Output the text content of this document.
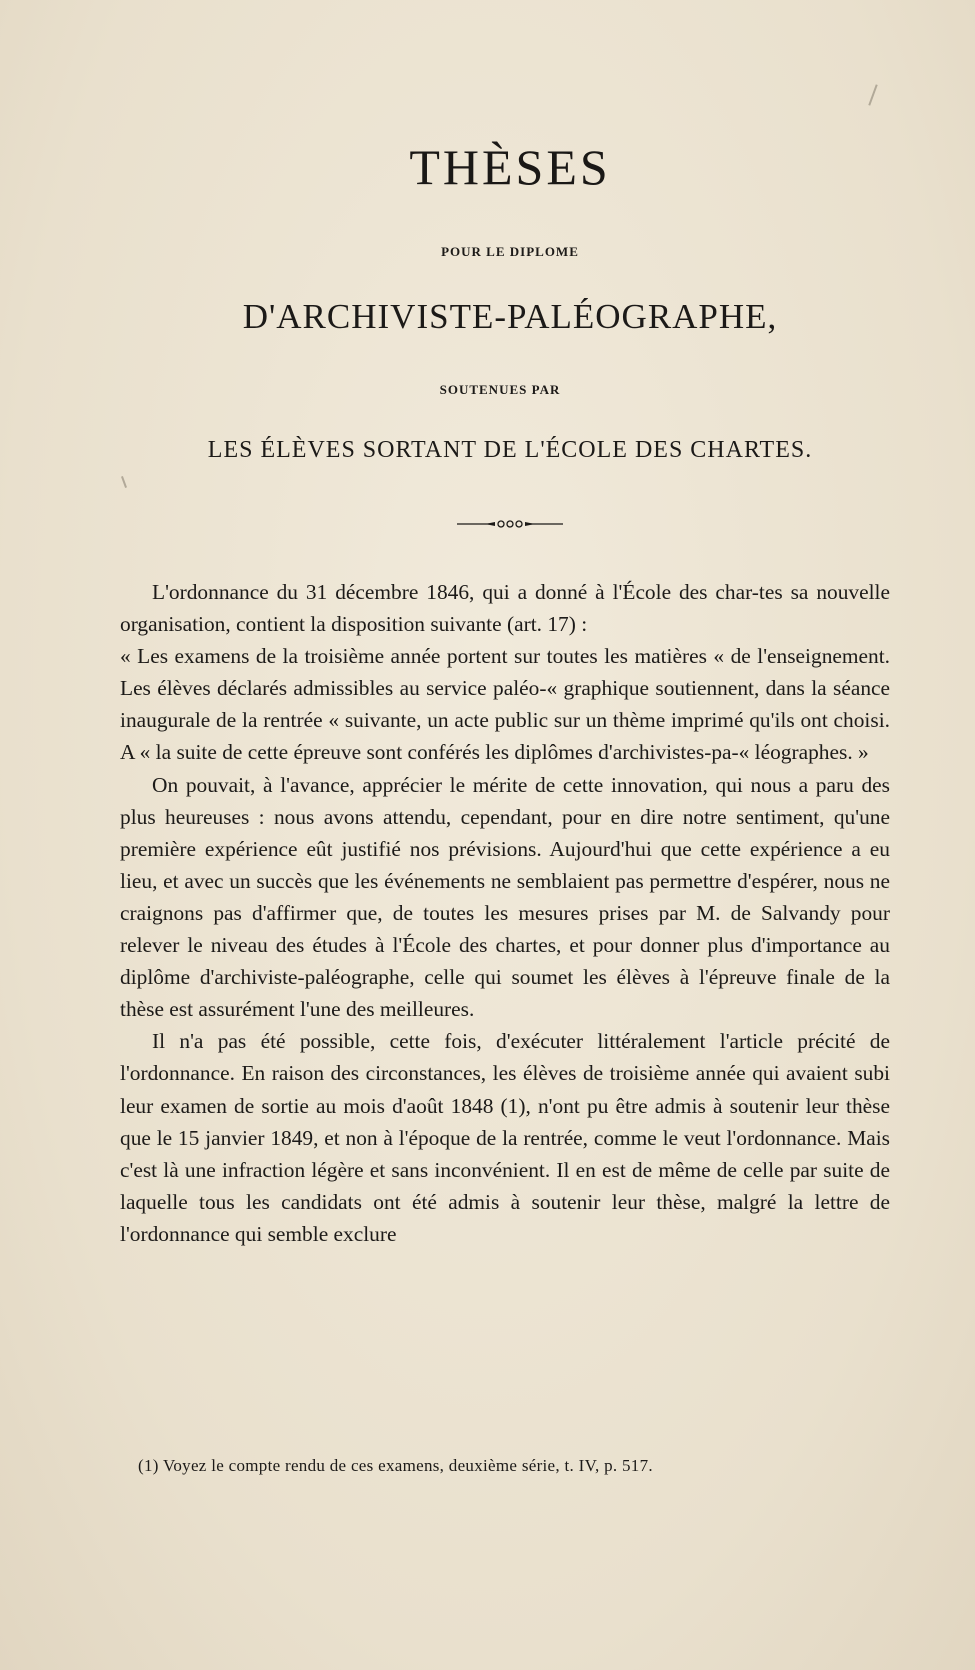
THÈSES
POUR LE DIPLOME
D'ARCHIVISTE-PALÉOGRAPHE,
SOUTENUES PAR
LES ÉLÈVES SORTANT DE L'ÉCOLE DES CHARTES.

L'ordonnance du 31 décembre 1846, qui a donné à l'École des char-tes sa nouvelle organisation, contient la disposition suivante (art. 17) :

« Les examens de la troisième année portent sur toutes les matières « de l'enseignement. Les élèves déclarés admissibles au service paléo-« graphique soutiennent, dans la séance inaugurale de la rentrée « suivante, un acte public sur un thème imprimé qu'ils ont choisi. A « la suite de cette épreuve sont conférés les diplômes d'archivistes-pa-« léographes. »

On pouvait, à l'avance, apprécier le mérite de cette innovation, qui nous a paru des plus heureuses : nous avons attendu, cependant, pour en dire notre sentiment, qu'une première expérience eût justifié nos prévisions. Aujourd'hui que cette expérience a eu lieu, et avec un succès que les événements ne semblaient pas permettre d'espérer, nous ne craignons pas d'affirmer que, de toutes les mesures prises par M. de Salvandy pour relever le niveau des études à l'École des chartes, et pour donner plus d'importance au diplôme d'archiviste-paléographe, celle qui soumet les élèves à l'épreuve finale de la thèse est assurément l'une des meilleures.

Il n'a pas été possible, cette fois, d'exécuter littéralement l'article précité de l'ordonnance. En raison des circonstances, les élèves de troisième année qui avaient subi leur examen de sortie au mois d'août 1848 (1), n'ont pu être admis à soutenir leur thèse que le 15 janvier 1849, et non à l'époque de la rentrée, comme le veut l'ordonnance. Mais c'est là une infraction légère et sans inconvénient. Il en est de même de celle par suite de laquelle tous les candidats ont été admis à soutenir leur thèse, malgré la lettre de l'ordonnance qui semble exclure

(1) Voyez le compte rendu de ces examens, deuxième série, t. IV, p. 517.
